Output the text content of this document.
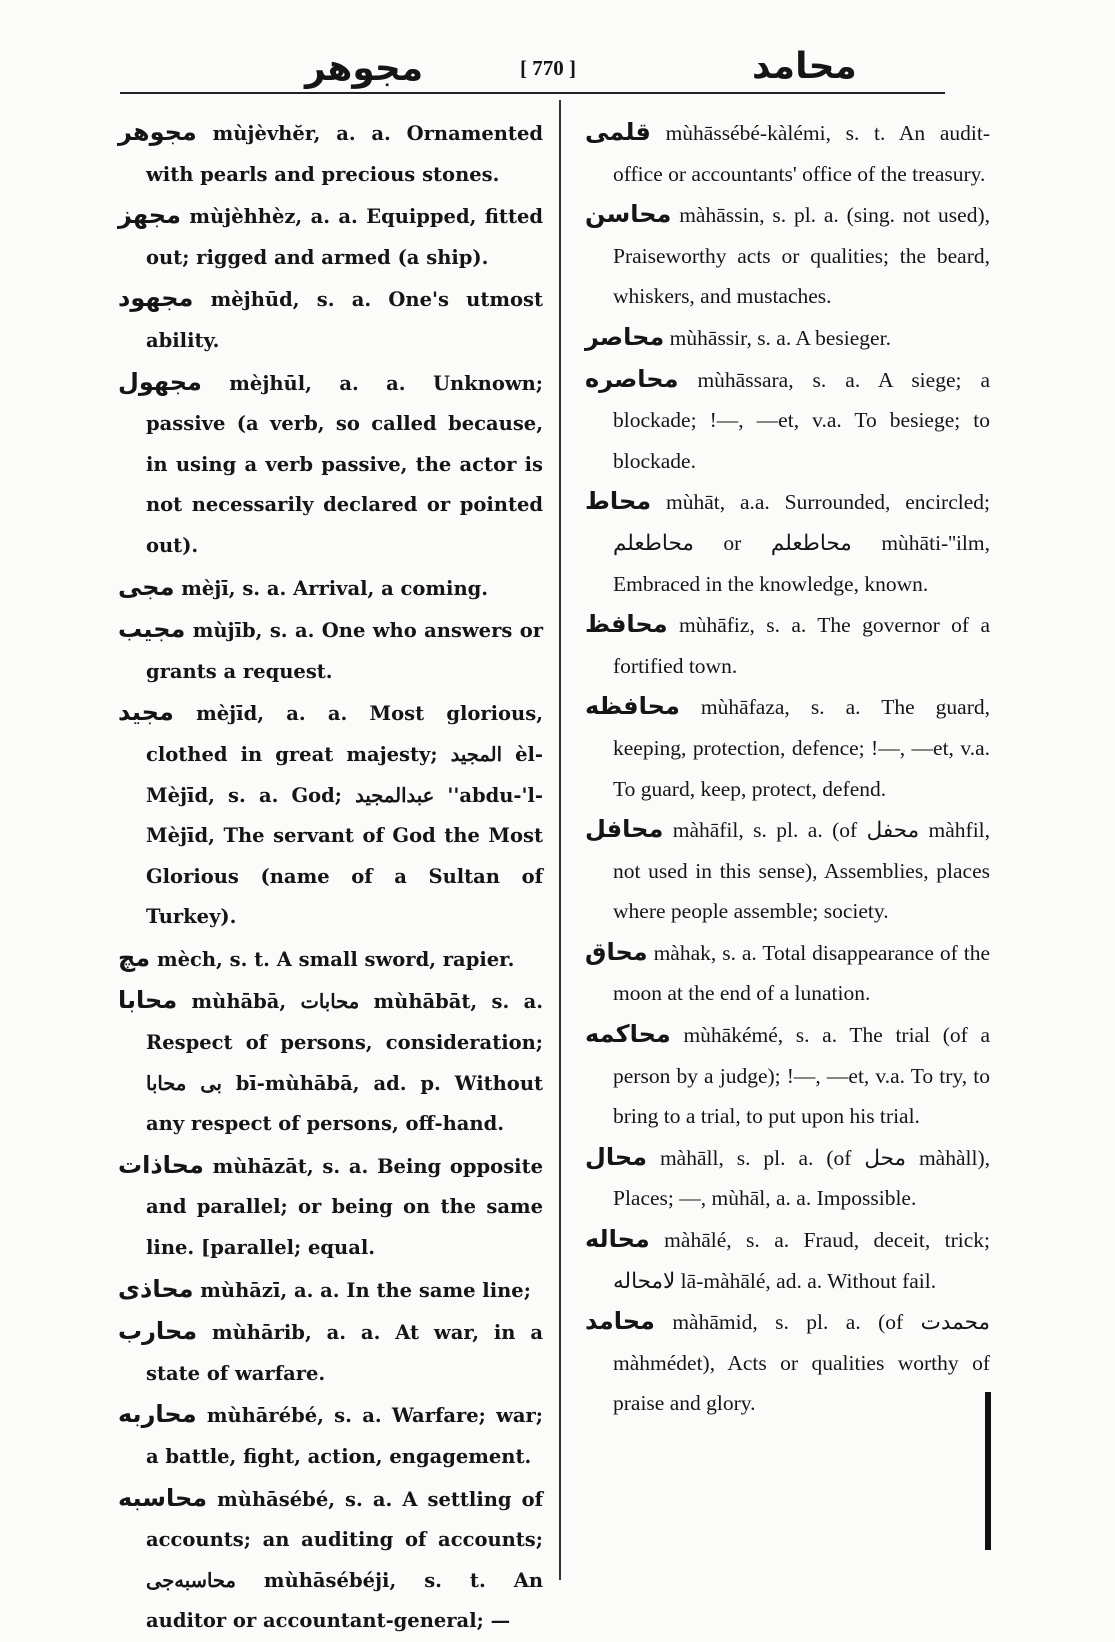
مجوهر	[ 770 ]	محامد
مجوهر mùjèvhĕr, a. a. Ornamented with pearls and precious stones.
مجهز mùjèhhèz, a. a. Equipped, fitted out; rigged and armed (a ship).
مجهود mèjhūd, s. a. One's utmost ability.
مجهول mèjhūl, a. a. Unknown; passive (a verb, so called because, in using a verb passive, the actor is not necessarily declared or pointed out).
مجی mèjī, s. a. Arrival, a coming.
مجیب mùjīb, s. a. One who answers or grants a request.
مجید mèjīd, a. a. Most glorious, clothed in great majesty; المجید èl-Mèjīd, s. a. God; عبدالمجید ''abdu-'l-Mèjīd, The servant of God the Most Glorious (name of a Sultan of Turkey).
مچ mèch, s. t. A small sword, rapier.
محابا mùhābā, محابات mùhābāt, s. a. Respect of persons, consideration; بی محابا bī-mùhābā, ad. p. Without any respect of persons, off-hand.
محاذات mùhāzāt, s. a. Being opposite and parallel; or being on the same line. [parallel; equal.
محاذی mùhāzī, a. a. In the same line;
محارب mùhārib, a. a. At war, in a state of warfare.
محاربه mùhārébé, s. a. Warfare; war; a battle, fight, action, engagement.
محاسبه mùhāsébé, s. a. A settling of accounts; an auditing of accounts; محاسبه‌جی mùhāsébéji, s. t. An auditor or accountant-general; —
قلمی mùhāssébé-kàlémi, s. t. An audit-office or accountants' office of the treasury.
محاسن màhāssin, s. pl. a. (sing. not used), Praiseworthy acts or qualities; the beard, whiskers, and mustaches.
محاصر mùhāssir, s. a. A besieger.
محاصره mùhāssara, s. a. A siege; a blockade; !—, —et, v.a. To besiege; to blockade.
محاط mùhāt, a.a. Surrounded, encircled; محاطعلم or محاطعلم mùhāti-''ilm, Embraced in the knowledge, known.
محافظ mùhāfiz, s. a. The governor of a fortified town.
محافظه mùhāfaza, s. a. The guard, keeping, protection, defence; !—, —et, v.a. To guard, keep, protect, defend.
محافل màhāfil, s. pl. a. (of محفل màhfil, not used in this sense), Assemblies, places where people assemble; society.
محاق màhak, s. a. Total disappearance of the moon at the end of a lunation.
محاکمه mùhākémé, s. a. The trial (of a person by a judge); !—, —et, v.a. To try, to bring to a trial, to put upon his trial.
محال màhāll, s. pl. a. (of محل màhàll), Places; —, mùhāl, a. a. Impossible.
محاله màhālé, s. a. Fraud, deceit, trick; لامحاله lā-màhālé, ad. a. Without fail.
محامد màhāmid, s. pl. a. (of محمدت màhmédet), Acts or qualities worthy of praise and glory.
